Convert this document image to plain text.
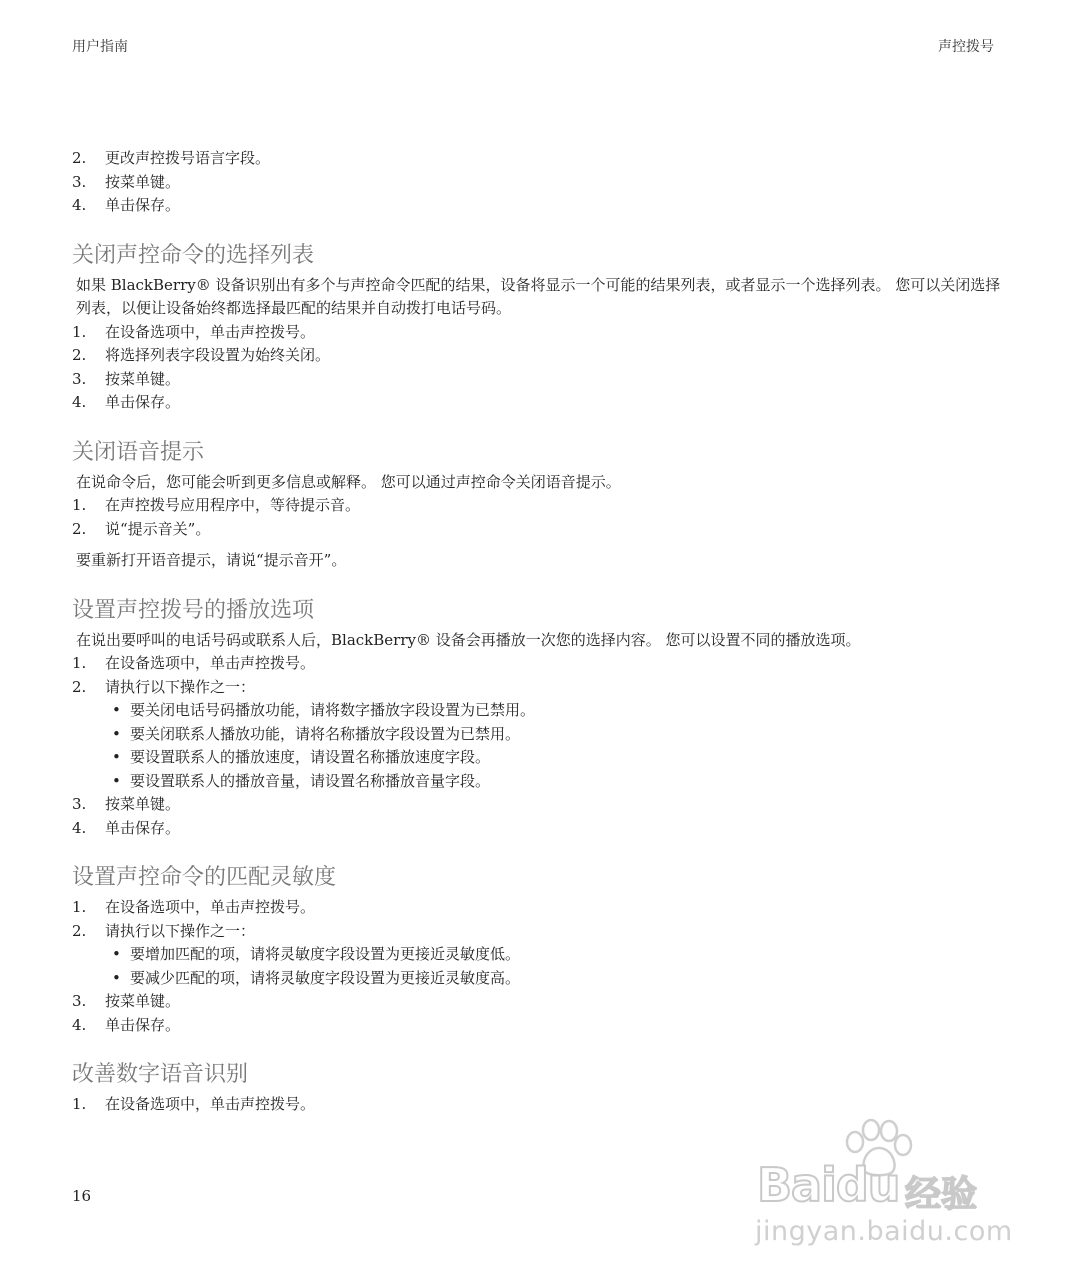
用户指南	声控拨号
2.	更改声控拨号语言字段。
3.	按菜单键。
4.	单击保存。
关闭声控命令的选择列表

如果 BlackBerry® 设备识别出有多个与声控命令匹配的结果，设备将显示一个可能的结果列表，或者显示一个选择列表。 您可以关闭选择列表，以便让设备始终都选择最匹配的结果并自动拨打电话号码。

1.	在设备选项中，单击声控拨号。
2.	将选择列表字段设置为始终关闭。
3.	按菜单键。
4.	单击保存。
关闭语音提示

在说命令后，您可能会听到更多信息或解释。 您可以通过声控命令关闭语音提示。

1.	在声控拨号应用程序中，等待提示音。
2.	说“提示音关”。

要重新打开语音提示，请说“提示音开”。

设置声控拨号的播放选项

在说出要呼叫的电话号码或联系人后，BlackBerry® 设备会再播放一次您的选择内容。 您可以设置不同的播放选项。

1.	在设备选项中，单击声控拨号。
2.	请执行以下操作之一：
• 要关闭电话号码播放功能，请将数字播放字段设置为已禁用。
• 要关闭联系人播放功能，请将名称播放字段设置为已禁用。
• 要设置联系人的播放速度，请设置名称播放速度字段。
• 要设置联系人的播放音量，请设置名称播放音量字段。
3.	按菜单键。
4.	单击保存。
设置声控命令的匹配灵敏度
1.	在设备选项中，单击声控拨号。
2.	请执行以下操作之一：
• 要增加匹配的项，请将灵敏度字段设置为更接近灵敏度低。
• 要减少匹配的项，请将灵敏度字段设置为更接近灵敏度高。
3.	按菜单键。
4.	单击保存。
改善数字语音识别
1.	在设备选项中，单击声控拨号。
16	Baidu 经验
jingyan.baidu.com
